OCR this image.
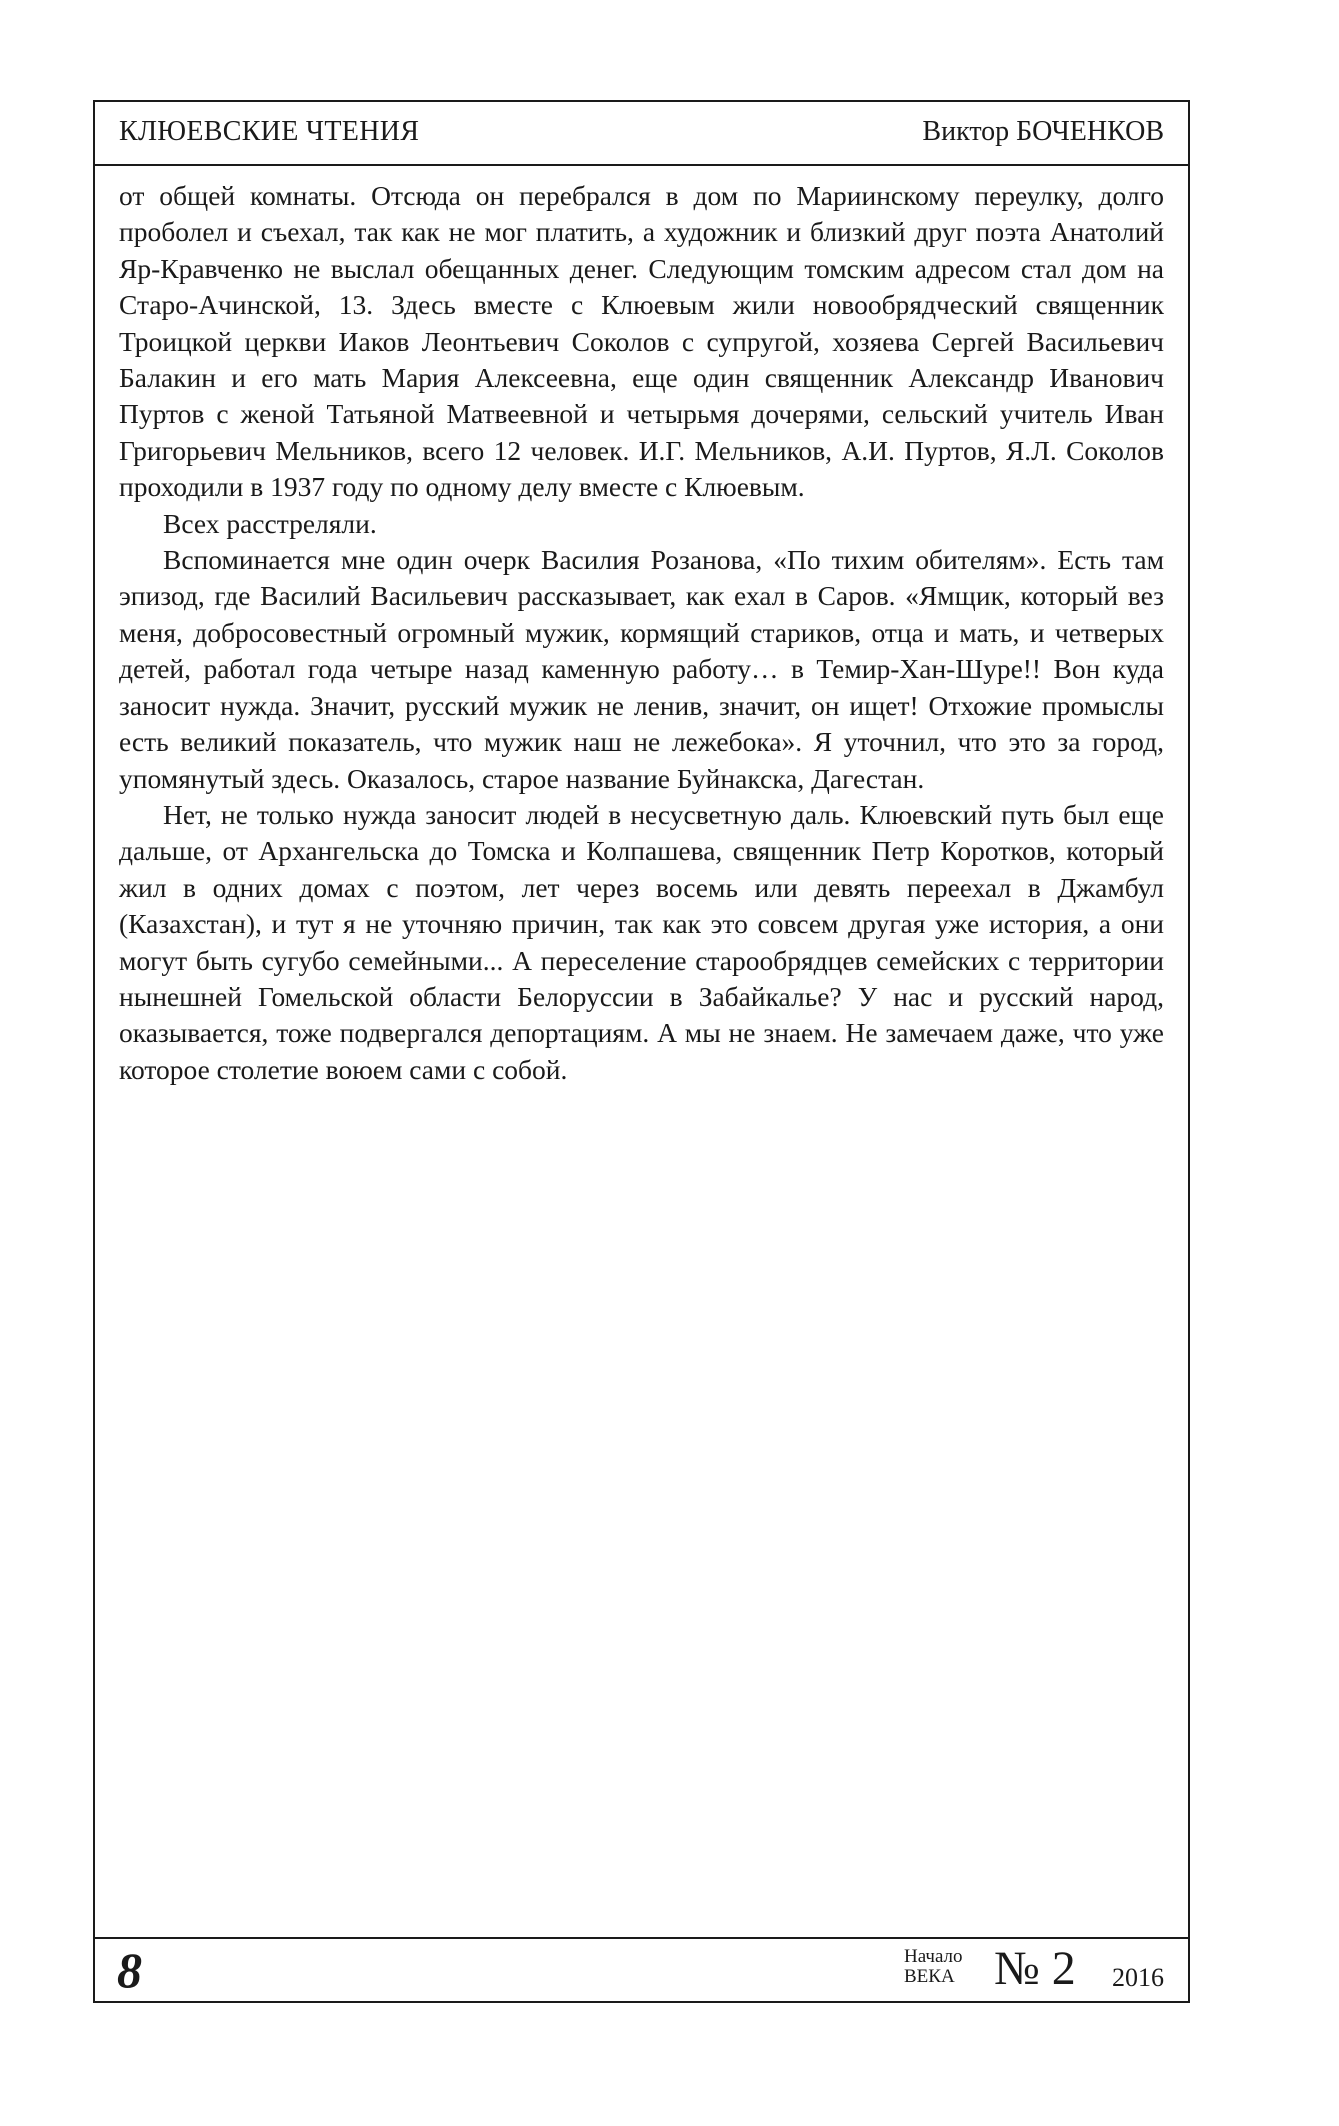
КЛЮЕВСКИЕ ЧТЕНИЯ	Виктор БОЧЕНКОВ

от общей комнаты. Отсюда он перебрался в дом по Мариинскому переулку, долго проболел и съехал, так как не мог платить, а художник и близкий друг поэта Анатолий Яр-Кравченко не выслал обещанных денег. Следующим томским адресом стал дом на Старо-Ачинской, 13. Здесь вместе с Клюевым жили новообрядческий священник Троицкой церкви Иаков Леонтьевич Соколов с супругой, хозяева Сергей Васильевич Балакин и его мать Мария Алексеевна, еще один священник Александр Иванович Пуртов с женой Татьяной Матвеевной и четырьмя дочерями, сельский учитель Иван Григорьевич Мельников, всего 12 человек. И.Г. Мельников, А.И. Пуртов, Я.Л. Соколов проходили в 1937 году по одному делу вместе с Клюевым.

Всех расстреляли.

Вспоминается мне один очерк Василия Розанова, «По тихим обителям». Есть там эпизод, где Василий Васильевич рассказывает, как ехал в Саров. «Ямщик, который вез меня, добросовестный огромный мужик, кормящий стариков, отца и мать, и четверых детей, работал года четыре назад каменную работу… в Темир-Хан-Шуре!! Вон куда заносит нужда. Значит, русский мужик не ленив, значит, он ищет! Отхожие промыслы есть великий показатель, что мужик наш не лежебока». Я уточнил, что это за город, упомянутый здесь. Оказалось, старое название Буйнакска, Дагестан.

Нет, не только нужда заносит людей в несусветную даль. Клюевский путь был еще дальше, от Архангельска до Томска и Колпашева, священник Петр Коротков, который жил в одних домах с поэтом, лет через восемь или девять переехал в Джамбул (Казахстан), и тут я не уточняю причин, так как это совсем другая уже история, а они могут быть сугубо семейными... А переселение старообрядцев семейских с территории нынешней Гомельской области Белоруссии в Забайкалье? У нас и русский народ, оказывается, тоже подвергался депортациям. А мы не знаем. Не замечаем даже, что уже которое столетие воюем сами с собой.

8	Начало
ВЕКА № 2 2016
